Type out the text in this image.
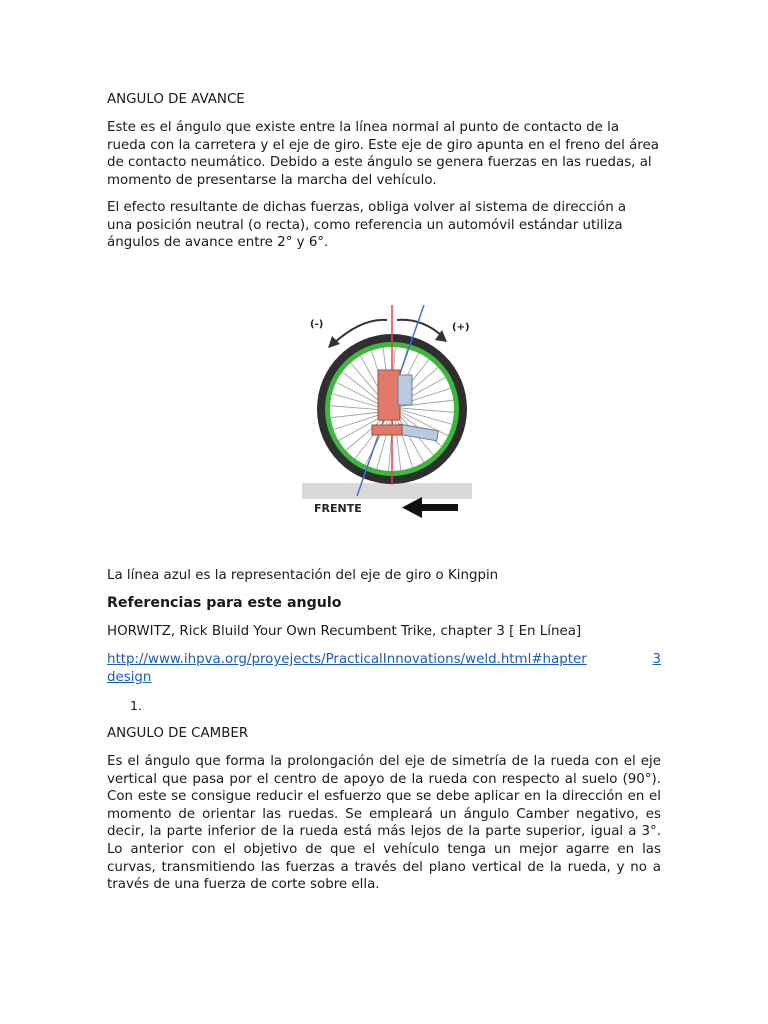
ANGULO DE AVANCE

Este es el ángulo que existe entre la línea normal al punto de contacto de la rueda con la carretera y el eje de giro. Este eje de giro apunta en el freno del área de contacto neumático. Debido a este ángulo se genera fuerzas en las ruedas, al momento de presentarse la marcha del vehículo.

El efecto resultante de dichas fuerzas, obliga volver al sistema de dirección a una posición neutral (o recta), como referencia un automóvil estándar utiliza ángulos de avance entre 2° y 6°.

(-)	(+)
FRENTE

La línea azul es la representación del eje de giro o Kingpin

Referencias para este angulo

HORWITZ, Rick Bluild Your Own Recumbent Trike, chapter 3 [ En Línea]

http://www.ihpva.org/proyejects/PracticalInnovations/weld.html#hapter	3
design

1.

ANGULO DE CAMBER

Es el ángulo que forma la prolongación del eje de simetría de la rueda con el eje vertical que pasa por el centro de apoyo de la rueda con respecto al suelo (90°). Con este se consigue reducir el esfuerzo que se debe aplicar en la dirección en el momento de orientar las ruedas. Se empleará un ángulo Camber negativo, es decir, la parte inferior de la rueda está más lejos de la parte superior, igual a 3°. Lo anterior con el objetivo de que el vehículo tenga un mejor agarre en las curvas, transmitiendo las fuerzas a través del plano vertical de la rueda, y no a través de una fuerza de corte sobre ella.
